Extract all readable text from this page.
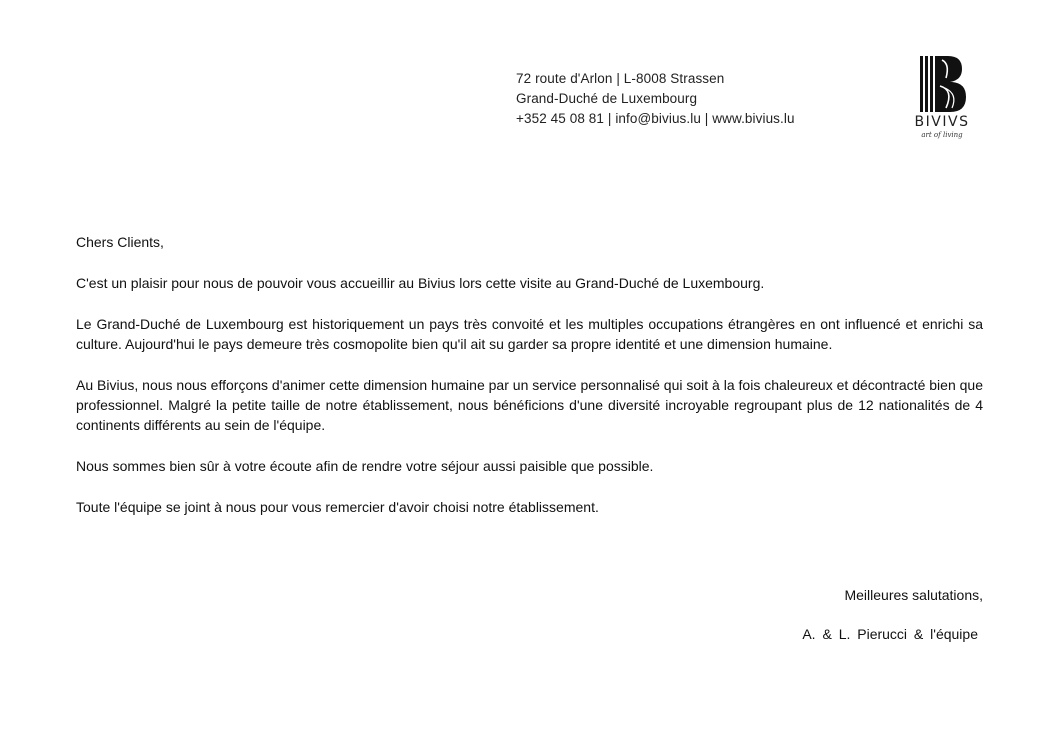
72 route d'Arlon | L-8008 Strassen
Grand-Duché de Luxembourg
+352 45 08 81 | info@bivius.lu | www.bivius.lu	BIVIVS
art of living

Chers Clients,

C'est un plaisir pour nous de pouvoir vous accueillir au Bivius lors cette visite au Grand-Duché de Luxembourg.

Le Grand-Duché de Luxembourg est historiquement un pays très convoité et les multiples occupations étrangères en ont influencé et enrichi sa culture. Aujourd'hui le pays demeure très cosmopolite bien qu'il ait su garder sa propre identité et une dimension humaine.

Au Bivius, nous nous efforçons d'animer cette dimension humaine par un service personnalisé qui soit à la fois chaleureux et décontracté bien que professionnel. Malgré la petite taille de notre établissement, nous bénéficions d'une diversité incroyable regroupant plus de 12 nationalités de 4 continents différents au sein de l'équipe.

Nous sommes bien sûr à votre écoute afin de rendre votre séjour aussi paisible que possible.

Toute l'équipe se joint à nous pour vous remercier d'avoir choisi notre établissement.

Meilleures salutations,
A. & L. Pierucci & l'équipe
